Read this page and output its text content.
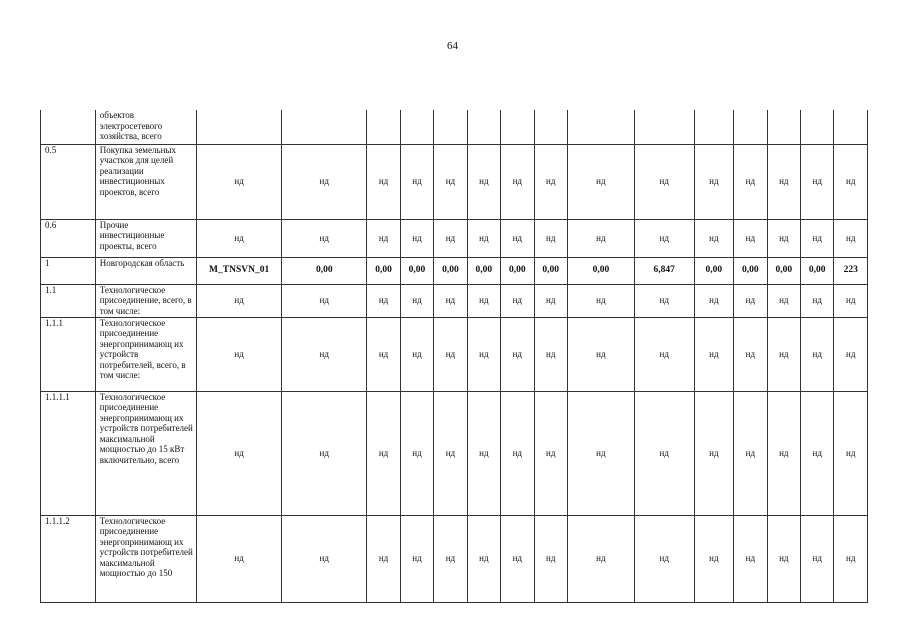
64
	объектов электросетевого хозяйства, всего															
0.5	Покупка земельных участков для целей реализации инвестиционных проектов, всего	нд	нд	нд	нд	нд	нд	нд	нд	нд	нд	нд	нд	нд	нд	нд
0.6	Прочие инвестиционные проекты, всего	нд	нд	нд	нд	нд	нд	нд	нд	нд	нд	нд	нд	нд	нд	нд
1	Новгородская область	M_TNSVN_01	0,00	0,00	0,00	0,00	0,00	0,00	0,00	0,00	6,847	0,00	0,00	0,00	0,00	223
1.1	Технологическое присоединение, всего, в том числе:	нд	нд	нд	нд	нд	нд	нд	нд	нд	нд	нд	нд	нд	нд	нд
1.1.1	Технологическое присоединение энергопринимающ их устройств потребителей, всего, в том числе:	нд	нд	нд	нд	нд	нд	нд	нд	нд	нд	нд	нд	нд	нд	нд
1.1.1.1	Технологическое присоединение энергопринимающ их устройств потребителей максимальной мощностью до 15 кВт включительно, всего	нд	нд	нд	нд	нд	нд	нд	нд	нд	нд	нд	нд	нд	нд	нд
1.1.1.2	Технологическое присоединение энергопринимающ их устройств потребителей максимальной мощностью до 150	нд	нд	нд	нд	нд	нд	нд	нд	нд	нд	нд	нд	нд	нд	нд
